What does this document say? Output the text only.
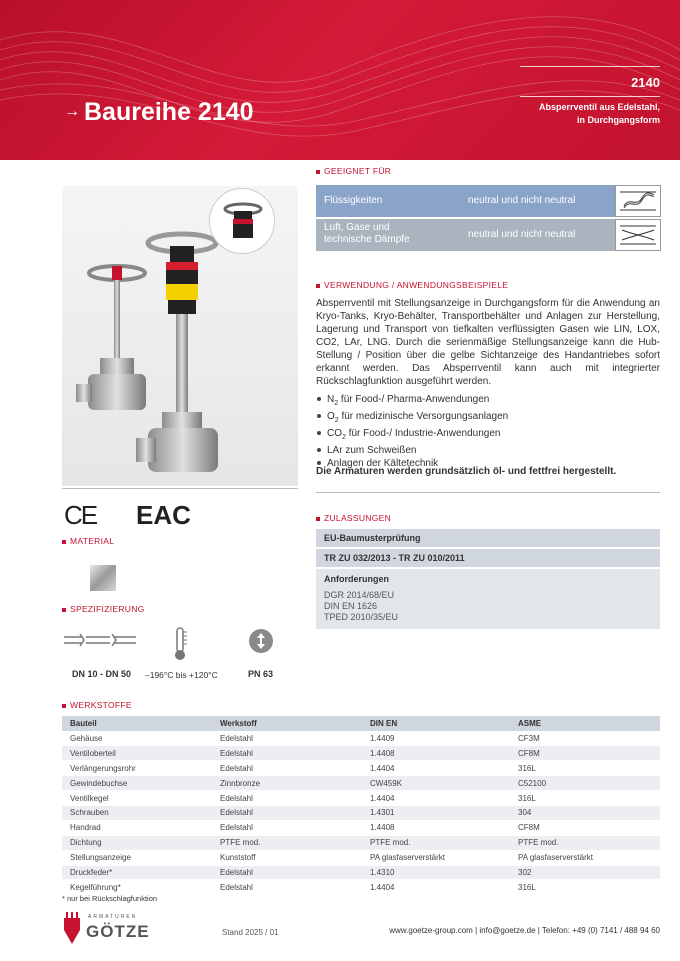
→ Baureihe 2140
2140
Absperrventil aus Edelstahl,
in Durchgangsform
GEEIGNET FÜR
Flüssigkeiten	neutral und nicht neutral
Luft, Gase und technische Dämpfe	neutral und nicht neutral
VERWENDUNG / ANWENDUNGSBEISPIELE
Absperrventil mit Stellungsanzeige in Durchgangsform für die Anwendung an Kryo-Tanks, Kryo-Behälter, Transportbehälter und Anlagen zur Herstellung, Lagerung und Transport von tiefkalten verflüssigten Gasen wie LIN, LOX, CO2, LAr, LNG. Durch die serienmäßige Stellungsanzeige kann die Hub-Stellung / Position über die gelbe Sichtanzeige des Handantriebes sofort erkannt werden. Das Absperrventil kann auch mit integrierter Rückschlagfunktion ausgeführt werden.
$N_2$ für Food-/ Pharma-Anwendungen
$O_2$ für medizinische Versorgungsanlagen
$CO_2$ für Food-/ Industrie-Anwendungen
LAr zum Schweißen
Anlagen der Kältetechnik
Die Armaturen werden grundsätzlich öl- und fettfrei hergestellt.
CE EAC	ZULASSUNGEN
EU-Baumusterprüfung
TR ZU 032/2013 - TR ZU 010/2011
Anforderungen
DGR 2014/68/EU
DIN EN 1626
TPED 2010/35/EU
MATERIAL
SPEZIFIZIERUNG
DN 10 - DN 50 –196°C bis +120°C	PN 63
WERKSTOFFE
Bauteil	Werkstoff	DIN EN	ASME
Gehäuse	Edelstahl	1.4409	CF3M
Ventiloberteil	Edelstahl	1.4408	CF8M
Verlängerungsrohr	Edelstahl	1.4404	316L
Gewindebuchse	Zinnbronze	CW459K	C52100
Ventilkegel	Edelstahl	1.4404	316L
Schrauben	Edelstahl	1.4301	304
Handrad	Edelstahl	1.4408	CF8M
Dichtung	PTFE mod.	PTFE mod.	PTFE mod.
Stellungsanzeige	Kunststoff	PA glasfaserverstärkt	PA glasfaserverstärkt
Druckfeder*	Edelstahl	1.4310	302
Kegelführung*	Edelstahl	1.4404	316L
* nur bei Rückschlagfunktion
ARMATUREN
GÖTZE	Stand 2025 / 01	www.goetze-group.com | info@goetze.de | Telefon: +49 (0) 7141 / 488 94 60
